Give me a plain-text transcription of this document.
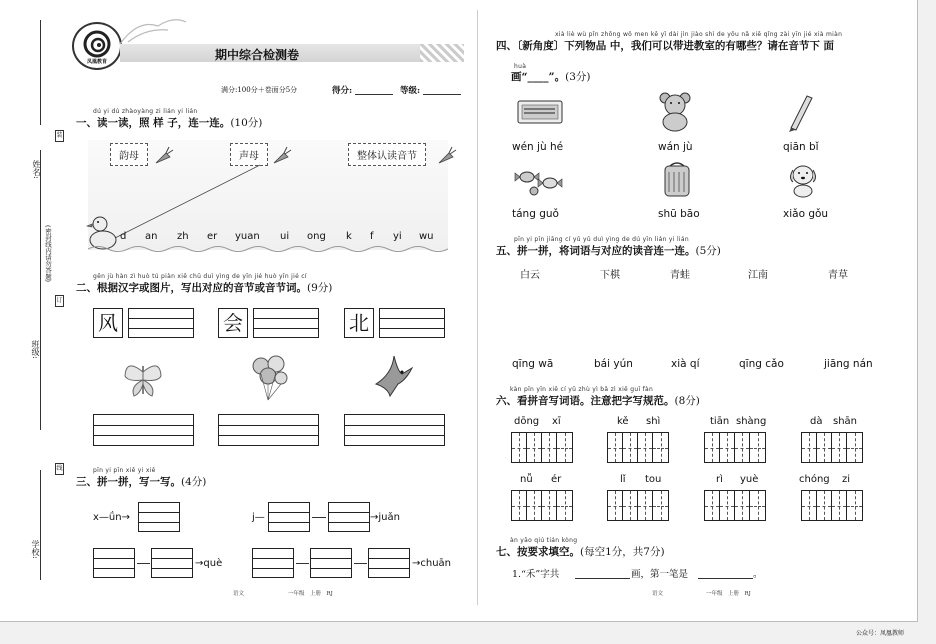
装
订
线
姓名:
班级:
学校:
(密封线内请勿答题)
凤凰教育	期中综合检测卷
满分:100分＋卷面分5分	得分:	等级:
dú yi dú zhàoyàng zi lián yi lián
一、读一读，照 样 子，连一连。(10分)
韵母	声母	整体认读音节
d an zh er yuan ui ong k f yi wu
gēn jù hàn zì huò tú piàn xiě chū duì yìng de yīn jié huò yīn jié cí
二、根据汉字或图片，写出对应的音节或音节词。(9分)
风	会	北
pīn yi pīn xiě yi xiě
三、拼一拼，写一写。(4分)
x—ǘn→	j—	→juǎn
→què	→chuān
语文	一年级　上册　RJ
xià liè wù pǐn zhōng wǒ men kě yǐ dài jìn jiào shì de yǒu nǎ xiē qǐng zài yīn jié xià miàn
四、〔新角度〕下列物品 中，我们可以带进教室的有哪些？请在音节下 面
huà
画“____”。(3分)
wén jù hé	wán jù	qiān bǐ
táng guǒ	shū bāo	xiǎo gǒu
pīn yi pīn jiāng cí yǔ yǔ duì yìng de dú yīn lián yi lián
五、拼一拼，将词语与对应的读音连一连。(5分)
白云	下棋	青蛙	江南	青草
qīng wā	bái yún	xià qí	qīng cǎo	jiāng nán
kàn pīn yīn xiě cí yǔ zhù yì bǎ zì xiě guī fàn
六、看拼音写词语。注意把字写规范。(8分)
dōng xī	kě shì	tiān shàng	dà shān
nǚ ér	lǐ tou	rì yuè	chóng zi
àn yāo qiú tián kòng
七、按要求填空。(每空1分，共7分)
1.“禾”字共	画，第一笔是	。
语文	一年级　上册　RJ
公众号：凤凰教师
